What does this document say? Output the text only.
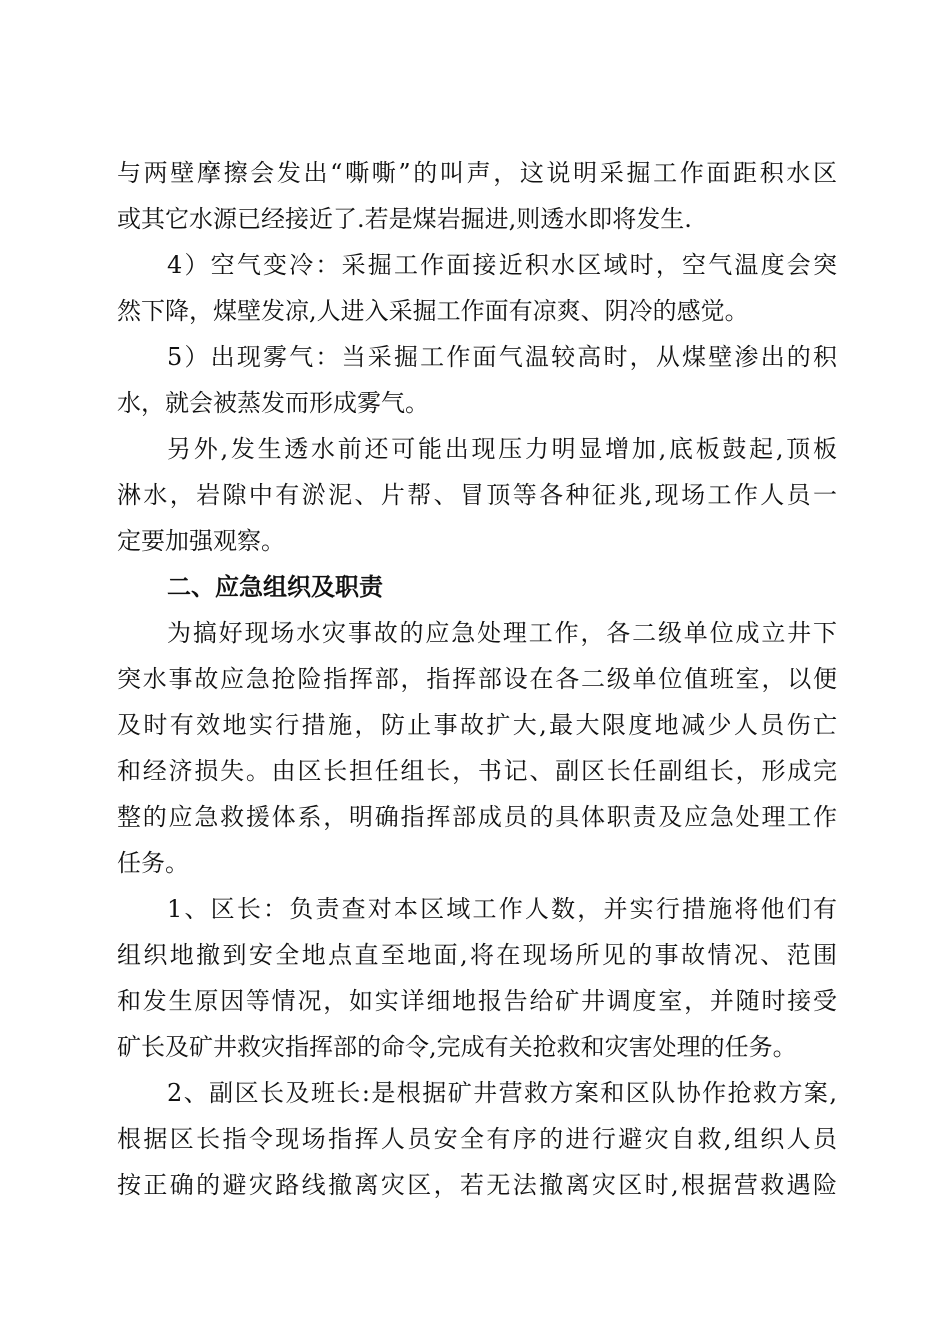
与两壁摩擦会发出“嘶嘶”的叫声，这说明采掘工作面距积水区
或其它水源已经接近了.若是煤岩掘进,则透水即将发生.
4）空气变冷：采掘工作面接近积水区域时，空气温度会突
然下降，煤壁发凉,人进入采掘工作面有凉爽、阴冷的感觉。
5）出现雾气：当采掘工作面气温较高时，从煤壁渗出的积
水，就会被蒸发而形成雾气。
另外,发生透水前还可能出现压力明显增加,底板鼓起,顶板
淋水，岩隙中有淤泥、片帮、冒顶等各种征兆,现场工作人员一
定要加强观察。
二、应急组织及职责
为搞好现场水灾事故的应急处理工作，各二级单位成立井下
突水事故应急抢险指挥部，指挥部设在各二级单位值班室，以便
及时有效地实行措施，防止事故扩大,最大限度地减少人员伤亡
和经济损失。由区长担任组长，书记、副区长任副组长，形成完
整的应急救援体系，明确指挥部成员的具体职责及应急处理工作
任务。
1、区长：负责查对本区域工作人数，并实行措施将他们有
组织地撤到安全地点直至地面,将在现场所见的事故情况、范围
和发生原因等情况，如实详细地报告给矿井调度室，并随时接受
矿长及矿井救灾指挥部的命令,完成有关抢救和灾害处理的任务。
2、副区长及班长:是根据矿井营救方案和区队协作抢救方案,
根据区长指令现场指挥人员安全有序的进行避灾自救,组织人员
按正确的避灾路线撤离灾区，若无法撤离灾区时,根据营救遇险
